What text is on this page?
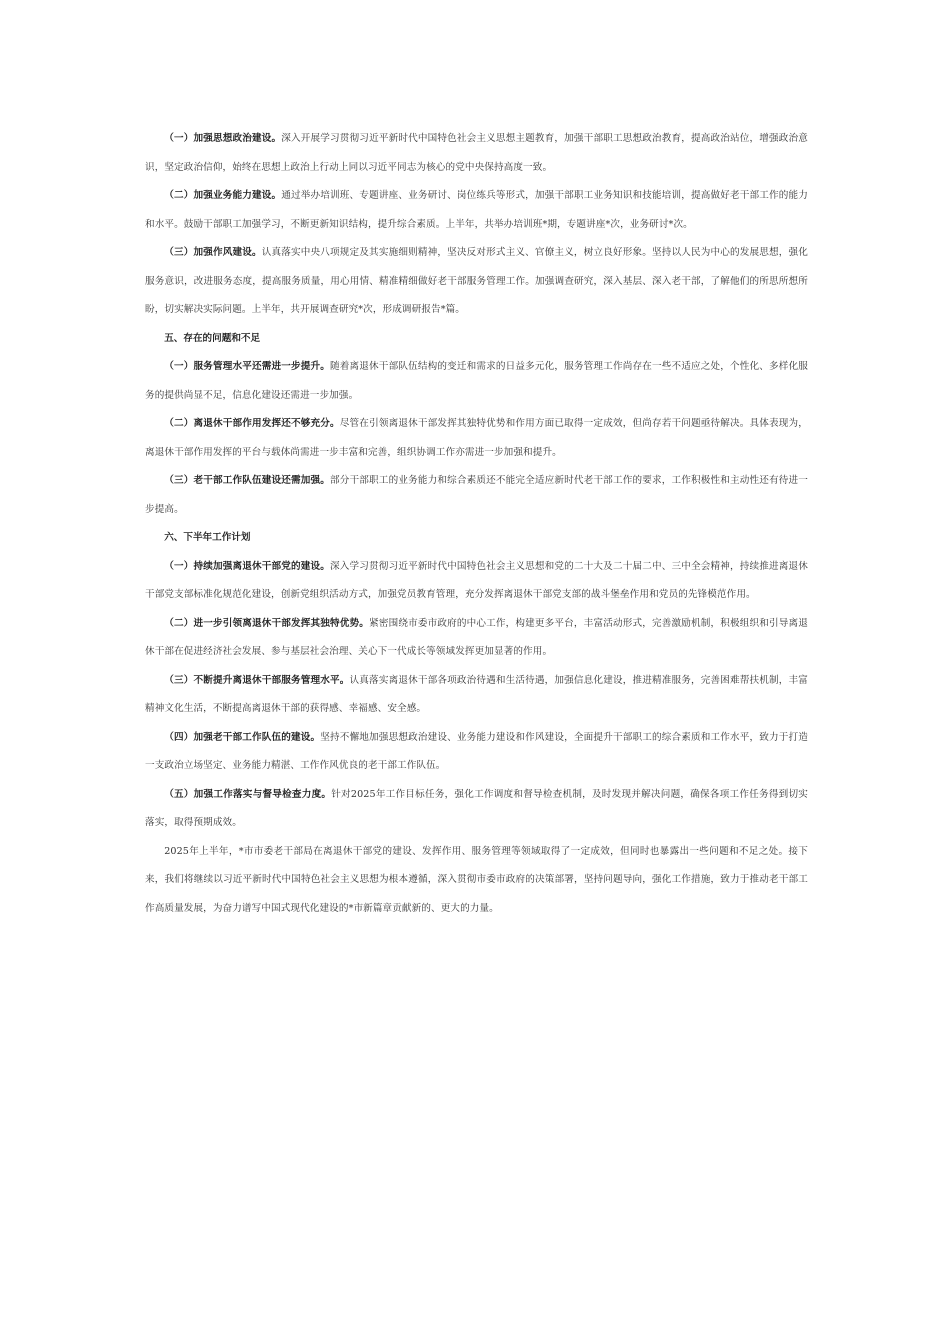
（一）加强思想政治建设。深入开展学习贯彻习近平新时代中国特色社会主义思想主题教育，加强干部职工思想政治教育，提高政治站位，增强政治意识，坚定政治信仰，始终在思想上政治上行动上同以习近平同志为核心的党中央保持高度一致。

（二）加强业务能力建设。通过举办培训班、专题讲座、业务研讨、岗位练兵等形式，加强干部职工业务知识和技能培训，提高做好老干部工作的能力和水平。鼓励干部职工加强学习，不断更新知识结构，提升综合素质。上半年，共举办培训班*期，专题讲座*次，业务研讨*次。

（三）加强作风建设。认真落实中央八项规定及其实施细则精神，坚决反对形式主义、官僚主义，树立良好形象。坚持以人民为中心的发展思想，强化服务意识，改进服务态度，提高服务质量，用心用情、精准精细做好老干部服务管理工作。加强调查研究，深入基层、深入老干部，了解他们的所思所想所盼，切实解决实际问题。上半年，共开展调查研究*次，形成调研报告*篇。

五、存在的问题和不足

（一）服务管理水平还需进一步提升。随着离退休干部队伍结构的变迁和需求的日益多元化，服务管理工作尚存在一些不适应之处，个性化、多样化服务的提供尚显不足，信息化建设还需进一步加强。

（二）离退休干部作用发挥还不够充分。尽管在引领离退休干部发挥其独特优势和作用方面已取得一定成效，但尚存若干问题亟待解决。具体表现为，离退休干部作用发挥的平台与载体尚需进一步丰富和完善，组织协调工作亦需进一步加强和提升。

（三）老干部工作队伍建设还需加强。部分干部职工的业务能力和综合素质还不能完全适应新时代老干部工作的要求，工作积极性和主动性还有待进一步提高。

六、下半年工作计划

（一）持续加强离退休干部党的建设。深入学习贯彻习近平新时代中国特色社会主义思想和党的二十大及二十届二中、三中全会精神，持续推进离退休干部党支部标准化规范化建设，创新党组织活动方式，加强党员教育管理，充分发挥离退休干部党支部的战斗堡垒作用和党员的先锋模范作用。

（二）进一步引领离退休干部发挥其独特优势。紧密围绕市委市政府的中心工作，构建更多平台，丰富活动形式，完善激励机制，积极组织和引导离退休干部在促进经济社会发展、参与基层社会治理、关心下一代成长等领域发挥更加显著的作用。

（三）不断提升离退休干部服务管理水平。认真落实离退休干部各项政治待遇和生活待遇，加强信息化建设，推进精准服务，完善困难帮扶机制，丰富精神文化生活，不断提高离退休干部的获得感、幸福感、安全感。

（四）加强老干部工作队伍的建设。坚持不懈地加强思想政治建设、业务能力建设和作风建设，全面提升干部职工的综合素质和工作水平，致力于打造一支政治立场坚定、业务能力精湛、工作作风优良的老干部工作队伍。

（五）加强工作落实与督导检查力度。针对2025年工作目标任务，强化工作调度和督导检查机制，及时发现并解决问题，确保各项工作任务得到切实落实，取得预期成效。

2025年上半年，*市市委老干部局在离退休干部党的建设、发挥作用、服务管理等领域取得了一定成效，但同时也暴露出一些问题和不足之处。接下来，我们将继续以习近平新时代中国特色社会主义思想为根本遵循，深入贯彻市委市政府的决策部署，坚持问题导向，强化工作措施，致力于推动老干部工作高质量发展，为奋力谱写中国式现代化建设的*市新篇章贡献新的、更大的力量。
